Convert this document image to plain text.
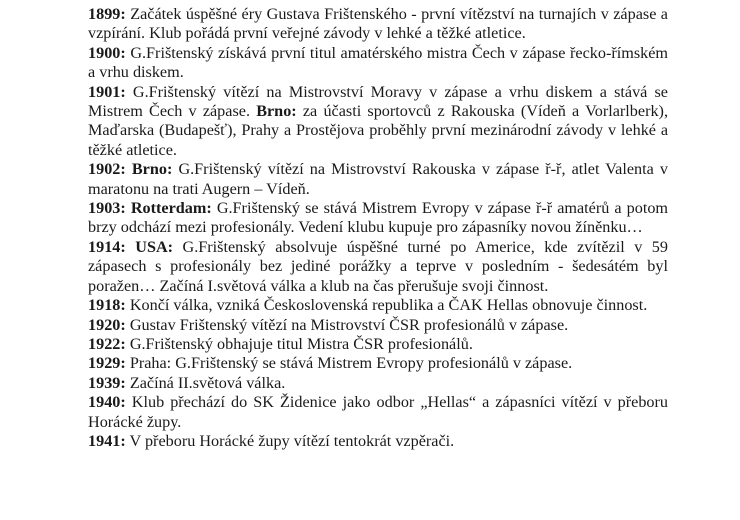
1899: Začátek úspěšné éry Gustava Frištenského - první vítězství na turnajích v zápase a vzpírání. Klub pořádá první veřejné závody v lehké a těžké atletice.

1900: G.Frištenský získává první titul amatérského mistra Čech v zápase řecko-římském a vrhu diskem.

1901: G.Frištenský vítězí na Mistrovství Moravy v zápase a vrhu diskem a stává se Mistrem Čech v zápase. Brno: za účasti sportovců z Rakouska (Vídeň a Vorlarlberk), Maďarska (Budapešť), Prahy a Prostějova proběhly první mezinárodní závody v lehké a těžké atletice.

1902: Brno: G.Frištenský vítězí na Mistrovství Rakouska v zápase ř-ř, atlet Valenta v maratonu na trati Augern – Vídeň.

1903: Rotterdam: G.Frištenský se stává Mistrem Evropy v zápase ř-ř amatérů a potom brzy odchází mezi profesionály. Vedení klubu kupuje pro zápasníky novou žíněnku…

1914: USA: G.Frištenský absolvuje úspěšné turné po Americe, kde zvítězil v 59 zápasech s profesionály bez jediné porážky a teprve v posledním - šedesátém byl poražen… Začíná I.světová válka a klub na čas přerušuje svoji činnost.

1918: Končí válka, vzniká Československá republika a ČAK Hellas obnovuje činnost.

1920: Gustav Frištenský vítězí na Mistrovství ČSR profesionálů v zápase.

1922: G.Frištenský obhajuje titul Mistra ČSR profesionálů.

1929: Praha: G.Frištenský se stává Mistrem Evropy profesionálů v zápase.

1939: Začíná II.světová válka.

1940: Klub přechází do SK Židenice jako odbor „Hellas“ a zápasníci vítězí v přeboru Horácké župy.

1941: V přeboru Horácké župy vítězí tentokrát vzpěrači.
